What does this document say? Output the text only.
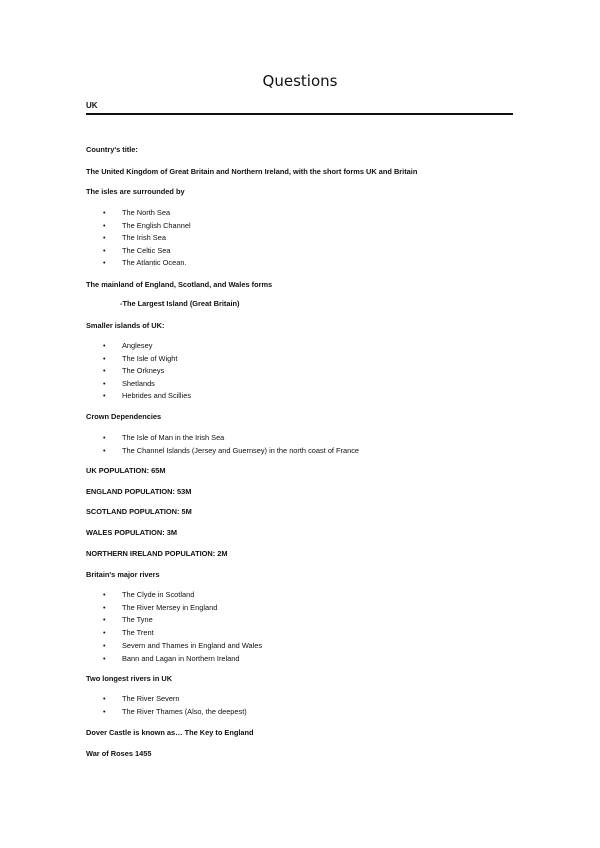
Questions
UK
Country's title:
The United Kingdom of Great Britain and Northern Ireland, with the short forms UK and Britain
The isles are surrounded by
• The North Sea
• The English Channel
• The Irish Sea
• The Celtic Sea
• The Atlantic Ocean.
The mainland of England, Scotland, and Wales forms
-The Largest Island (Great Britain)
Smaller islands of UK:
• Anglesey
• The Isle of Wight
• The Orkneys
• Shetlands
• Hebrides and Scillies
Crown Dependencies
• The Isle of Man in the Irish Sea
• The Channel Islands (Jersey and Guernsey) in the north coast of France
UK POPULATION: 65M
ENGLAND POPULATION: 53M
SCOTLAND POPULATION: 5M
WALES POPULATION: 3M
NORTHERN IRELAND POPULATION: 2M
Britain's major rivers
• The Clyde in Scotland
• The River Mersey in England
• The Tyne
• The Trent
• Severn and Thames in England and Wales
• Bann and Lagan in Northern Ireland
Two longest rivers in UK
• The River Severn
• The River Thames (Also, the deepest)
Dover Castle is known as… The Key to England
War of Roses 1455
